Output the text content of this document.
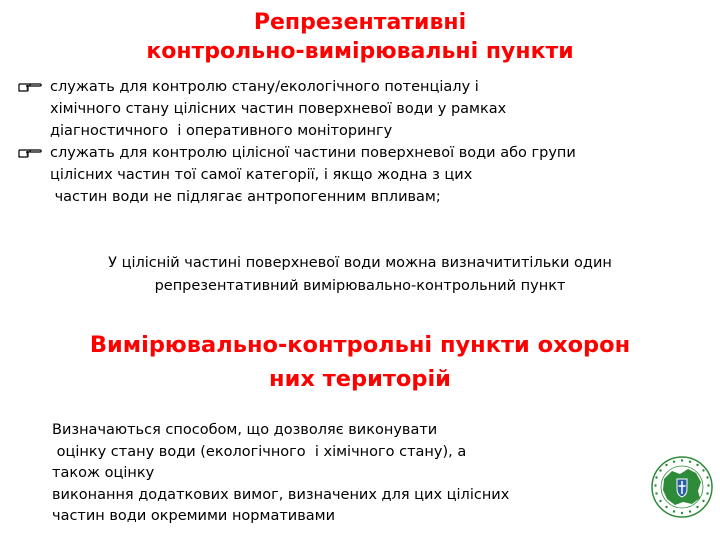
Репрезентативні
контрольно-вимірювальні пункти
служать для контролю стану/екологічного потенціалу і
хімічного стану цілісних частин поверхневої води у рамках
діагностичного  і оперативного моніторингу
служать для контролю цілісної частини поверхневої води або групи
цілісних частин тої самої категорії, і якщо жодна з цих
частин води не підлягає антропогенним впливам;
У цілісній частині поверхневої води можна визначититільки один
репрезентативний вимірювально-контрольний пункт
Вимірювально-контрольні пункти охорон
них територій
Визначаються способом, що дозволяє виконувати
оцінку стану води (екологічного  і хімічного стану), а
також оцінку
виконання додаткових вимог, визначених для цих цілісних
частин води окремими нормативами
